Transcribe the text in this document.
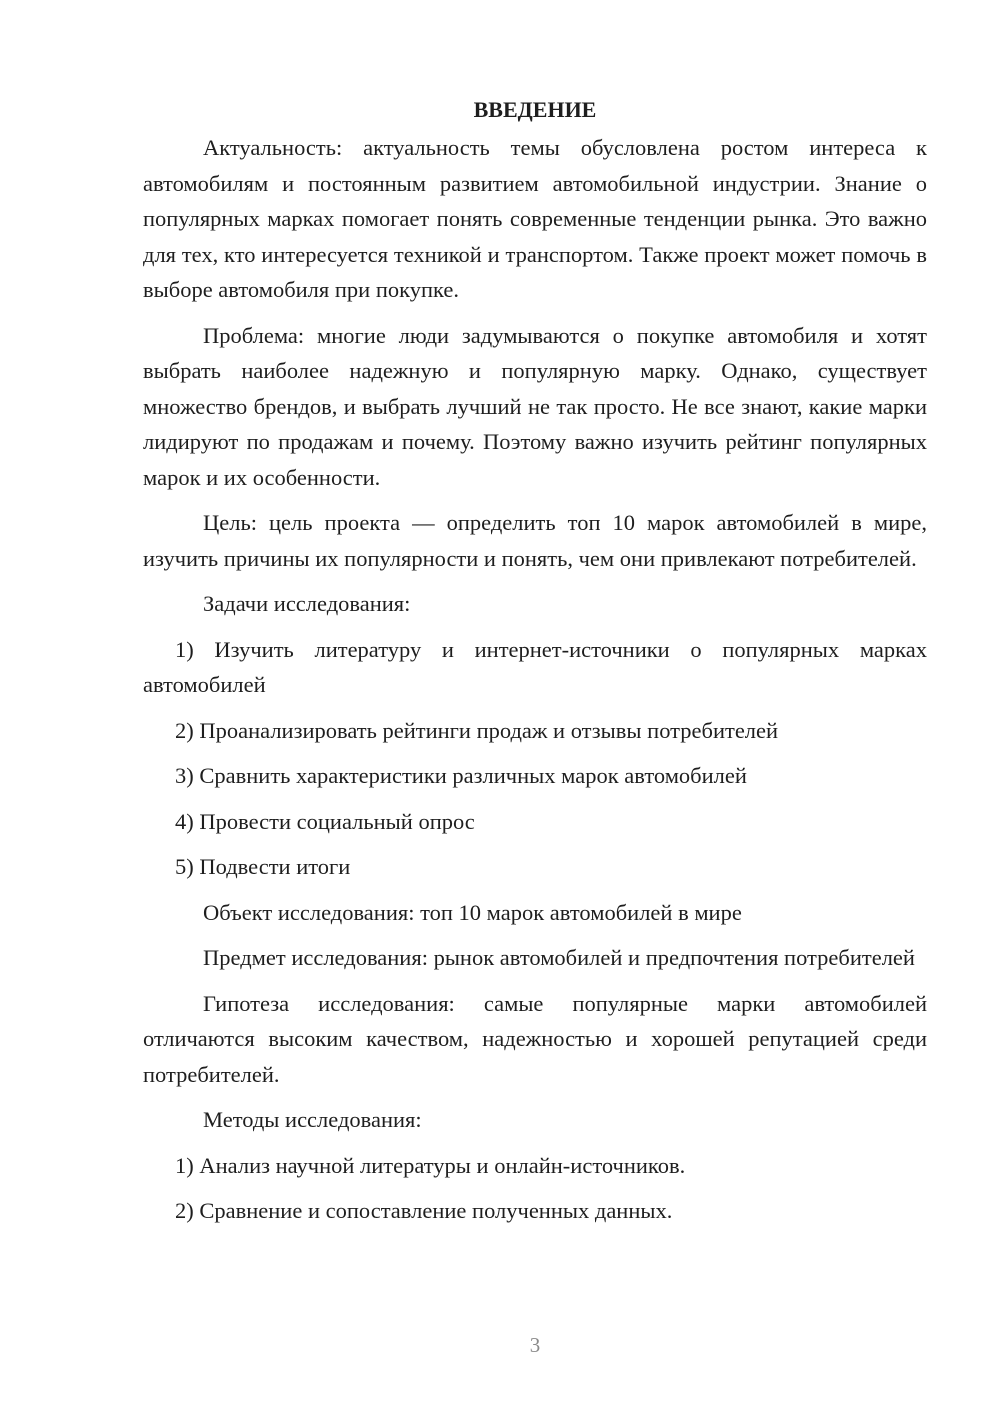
ВВЕДЕНИЕ

Актуальность: актуальность темы обусловлена ростом интереса к автомобилям и постоянным развитием автомобильной индустрии. Знание о популярных марках помогает понять современные тенденции рынка. Это важно для тех, кто интересуется техникой и транспортом. Также проект может помочь в выборе автомобиля при покупке.

Проблема: многие люди задумываются о покупке автомобиля и хотят выбрать наиболее надежную и популярную марку. Однако, существует множество брендов, и выбрать лучший не так просто. Не все знают, какие марки лидируют по продажам и почему. Поэтому важно изучить рейтинг популярных марок и их особенности.

Цель: цель проекта — определить топ 10 марок автомобилей в мире, изучить причины их популярности и понять, чем они привлекают потребителей.

Задачи исследования:

1) Изучить литературу и интернет-источники о популярных марках автомобилей

2) Проанализировать рейтинги продаж и отзывы потребителей

3) Сравнить характеристики различных марок автомобилей

4) Провести социальный опрос

5) Подвести итоги

Объект исследования: топ 10 марок автомобилей в мире

Предмет исследования: рынок автомобилей и предпочтения потребителей

Гипотеза исследования: самые популярные марки автомобилей отличаются высоким качеством, надежностью и хорошей репутацией среди потребителей.

Методы исследования:

1) Анализ научной литературы и онлайн-источников.

2) Сравнение и сопоставление полученных данных.

3
